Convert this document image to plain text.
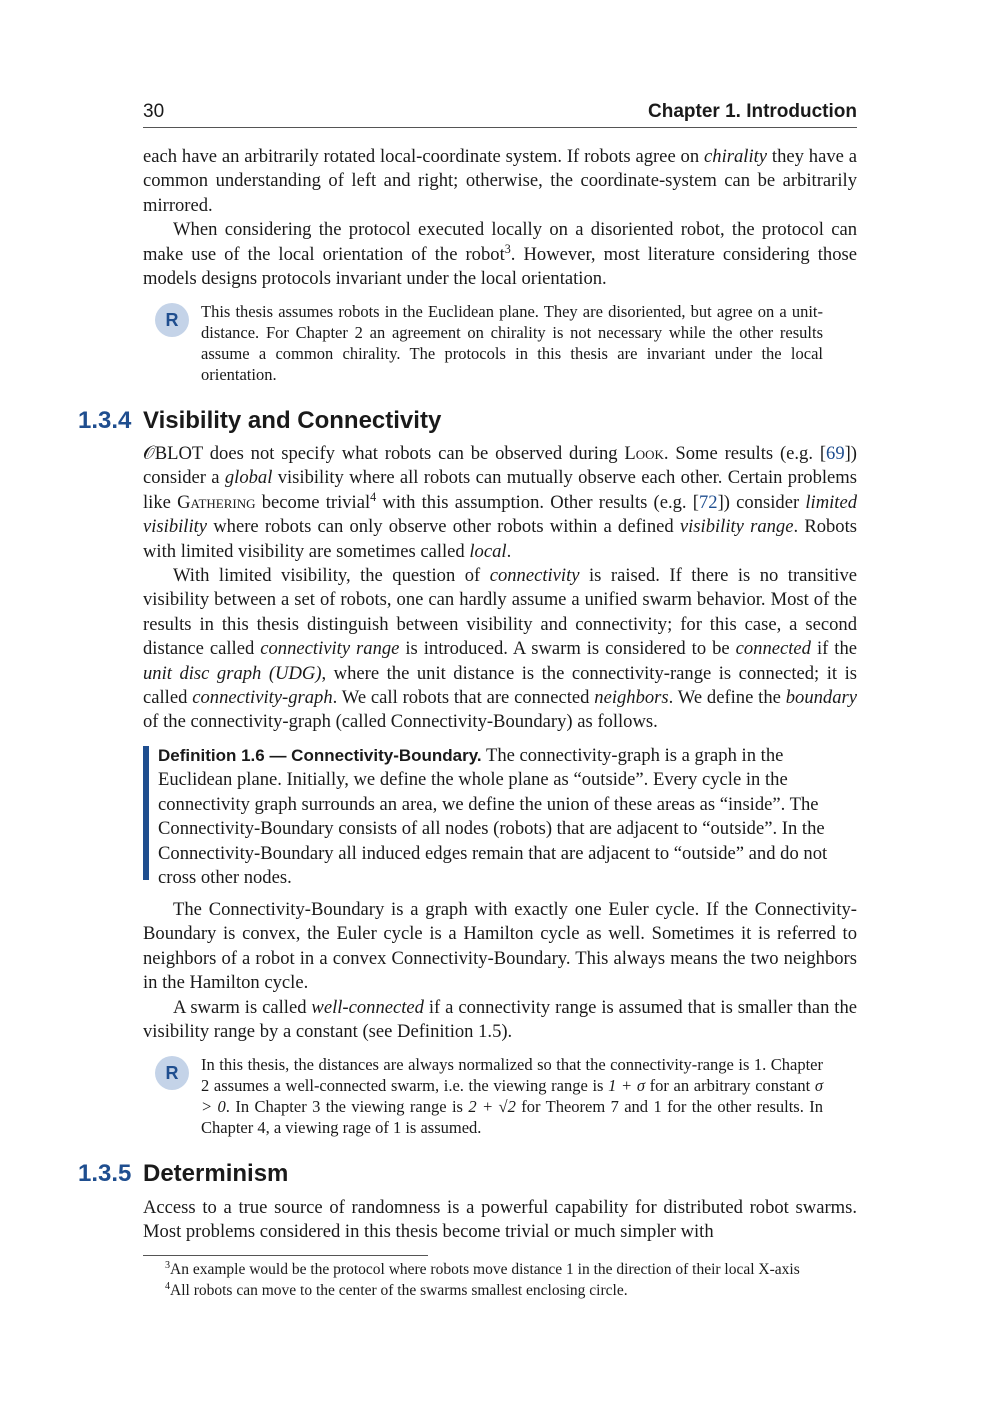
30	Chapter 1. Introduction

each have an arbitrarily rotated local-coordinate system. If robots agree on chirality they have a common understanding of left and right; otherwise, the coordinate-system can be arbitrarily mirrored.

When considering the protocol executed locally on a disoriented robot, the protocol can make use of the local orientation of the robot$^3$. However, most literature considering those models designs protocols invariant under the local orientation.

R	This thesis assumes robots in the Euclidean plane. They are disoriented, but agree on a unit-distance. For Chapter 2 an agreement on chirality is not necessary while the other results assume a common chirality. The protocols in this thesis are invariant under the local orientation.
1.3.4 Visibility and Connectivity

𝒪BLOT does not specify what robots can be observed during Look. Some results (e.g. [69]) consider a global visibility where all robots can mutually observe each other. Certain problems like Gathering become trivial$^4$ with this assumption. Other results (e.g. [72]) consider limited visibility where robots can only observe other robots within a defined visibility range. Robots with limited visibility are sometimes called local.

With limited visibility, the question of connectivity is raised. If there is no transitive visibility between a set of robots, one can hardly assume a unified swarm behavior. Most of the results in this thesis distinguish between visibility and connectivity; for this case, a second distance called connectivity range is introduced. A swarm is considered to be connected if the unit disc graph (UDG), where the unit distance is the connectivity-range is connected; it is called connectivity-graph. We call robots that are connected neighbors. We define the boundary of the connectivity-graph (called Connectivity-Boundary) as follows.

Definition 1.6 — Connectivity-Boundary. The connectivity-graph is a graph in the Euclidean plane. Initially, we define the whole plane as “outside”. Every cycle in the connectivity graph surrounds an area, we define the union of these areas as “inside”. The Connectivity-Boundary consists of all nodes (robots) that are adjacent to “outside”. In the Connectivity-Boundary all induced edges remain that are adjacent to “outside” and do not cross other nodes.

The Connectivity-Boundary is a graph with exactly one Euler cycle. If the Connectivity-Boundary is convex, the Euler cycle is a Hamilton cycle as well. Sometimes it is referred to neighbors of a robot in a convex Connectivity-Boundary. This always means the two neighbors in the Hamilton cycle.

A swarm is called well-connected if a connectivity range is assumed that is smaller than the visibility range by a constant (see Definition 1.5).

R	In this thesis, the distances are always normalized so that the connectivity-range is 1. Chapter 2 assumes a well-connected swarm, i.e. the viewing range is 1 + σ for an arbitrary constant σ > 0. In Chapter 3 the viewing range is 2 + √2 for Theorem 7 and 1 for the other results. In Chapter 4, a viewing rage of 1 is assumed.
1.3.5 Determinism
Access to a true source of randomness is a powerful capability for distributed robot swarms. Most problems considered in this thesis become trivial or much simpler with
$^3$An example would be the protocol where robots move distance 1 in the direction of their local X-axis
$^4$All robots can move to the center of the swarms smallest enclosing circle.
